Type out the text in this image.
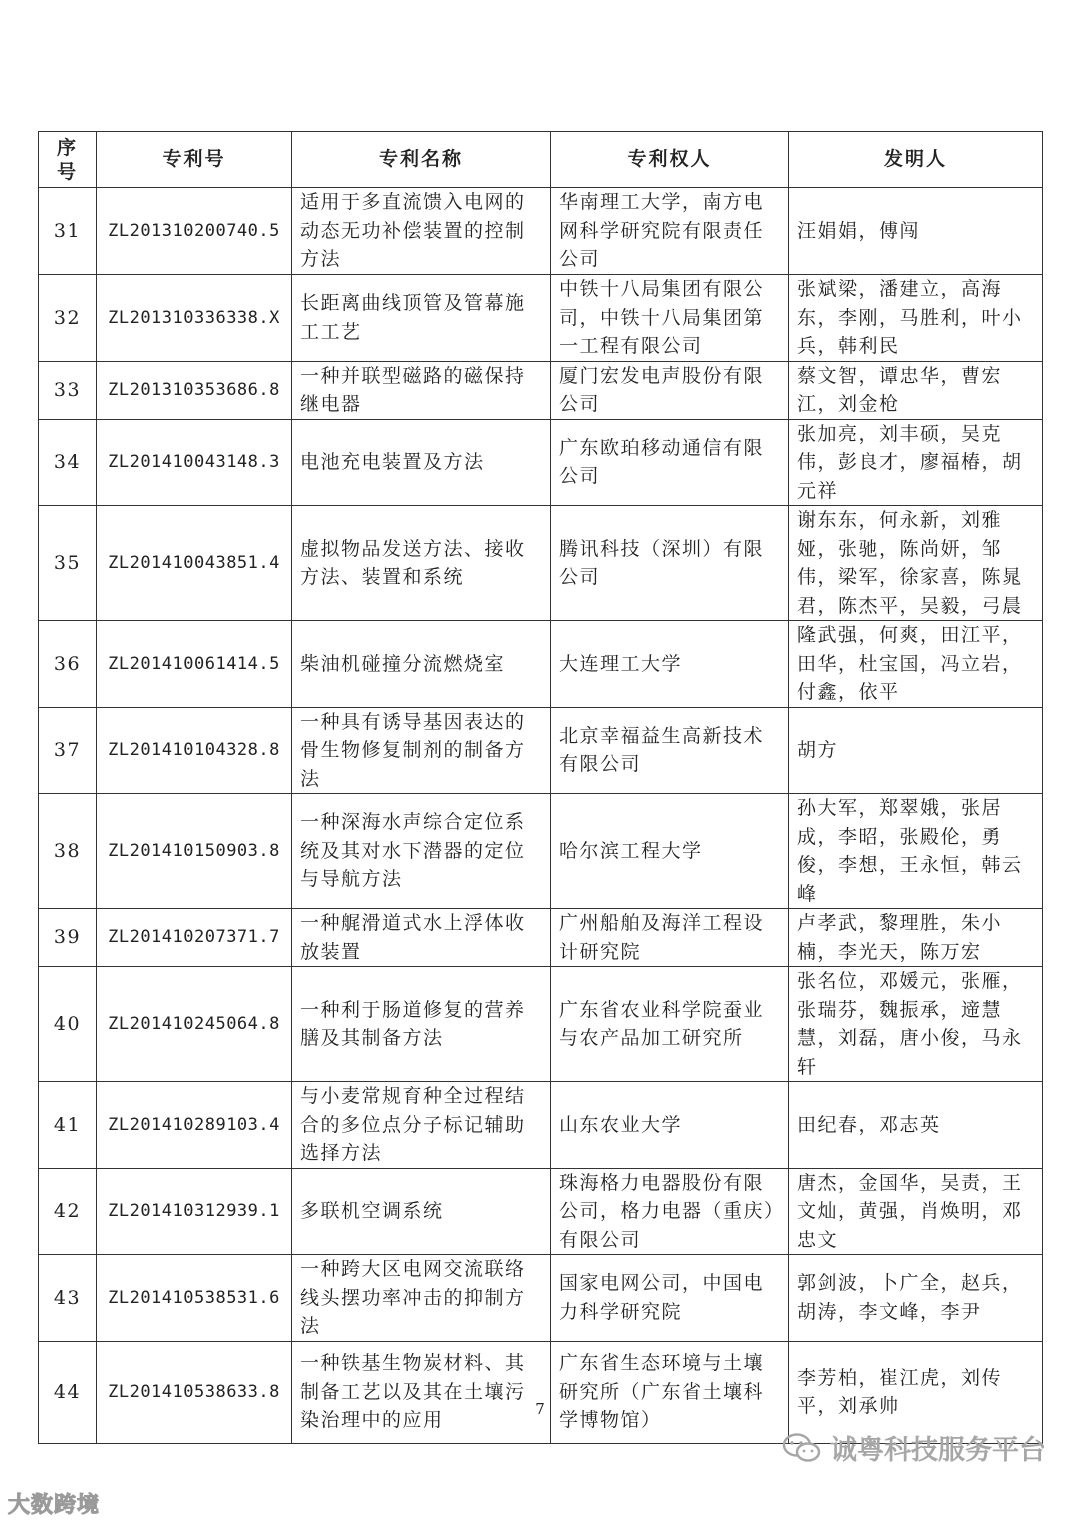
序号	专利号	专利名称	专利权人	发明人
31	ZL201310200740.5	适用于多直流馈入电网的动态无功补偿装置的控制方法	华南理工大学，南方电网科学研究院有限责任公司	汪娟娟，傅闯
32	ZL201310336338.X	长距离曲线顶管及管幕施工工艺	中铁十八局集团有限公司，中铁十八局集团第一工程有限公司	张斌梁，潘建立，高海东，李刚，马胜利，叶小兵，韩利民
33	ZL201310353686.8	一种并联型磁路的磁保持继电器	厦门宏发电声股份有限公司	蔡文智，谭忠华，曹宏江，刘金枪
34	ZL201410043148.3	电池充电装置及方法	广东欧珀移动通信有限公司	张加亮，刘丰硕，吴克伟，彭良才，廖福椿，胡元祥
35	ZL201410043851.4	虚拟物品发送方法、接收方法、装置和系统	腾讯科技（深圳）有限公司	谢东东，何永新，刘雅娅，张驰，陈尚妍，邹伟，梁军，徐家喜，陈晁君，陈杰平，吴毅，弓晨
36	ZL201410061414.5	柴油机碰撞分流燃烧室	大连理工大学	隆武强，何爽，田江平，田华，杜宝国，冯立岩，付鑫，依平
37	ZL201410104328.8	一种具有诱导基因表达的骨生物修复制剂的制备方法	北京幸福益生高新技术有限公司	胡方
38	ZL201410150903.8	一种深海水声综合定位系统及其对水下潜器的定位与导航方法	哈尔滨工程大学	孙大军，郑翠娥，张居成，李昭，张殿伦，勇俊，李想，王永恒，韩云峰
39	ZL201410207371.7	一种艉滑道式水上浮体收放装置	广州船舶及海洋工程设计研究院	卢孝武，黎理胜，朱小楠，李光天，陈万宏
40	ZL201410245064.8	一种利于肠道修复的营养膳及其制备方法	广东省农业科学院蚕业与农产品加工研究所	张名位，邓媛元，张雁，张瑞芬，魏振承，遆慧慧，刘磊，唐小俊，马永轩
41	ZL201410289103.4	与小麦常规育种全过程结合的多位点分子标记辅助选择方法	山东农业大学	田纪春，邓志英
42	ZL201410312939.1	多联机空调系统	珠海格力电器股份有限公司，格力电器（重庆）有限公司	唐杰，金国华，吴责，王文灿，黄强，肖焕明，邓忠文
43	ZL201410538531.6	一种跨大区电网交流联络线头摆功率冲击的抑制方法	国家电网公司，中国电力科学研究院	郭剑波，卜广全，赵兵，胡涛，李文峰，李尹
44	ZL201410538633.8	一种铁基生物炭材料、其制备工艺以及其在土壤污染治理中的应用	广东省生态环境与土壤研究所（广东省土壤科学博物馆）	李芳柏，崔江虎，刘传平，刘承帅
7
大数跨境
诚粤科技服务平台
